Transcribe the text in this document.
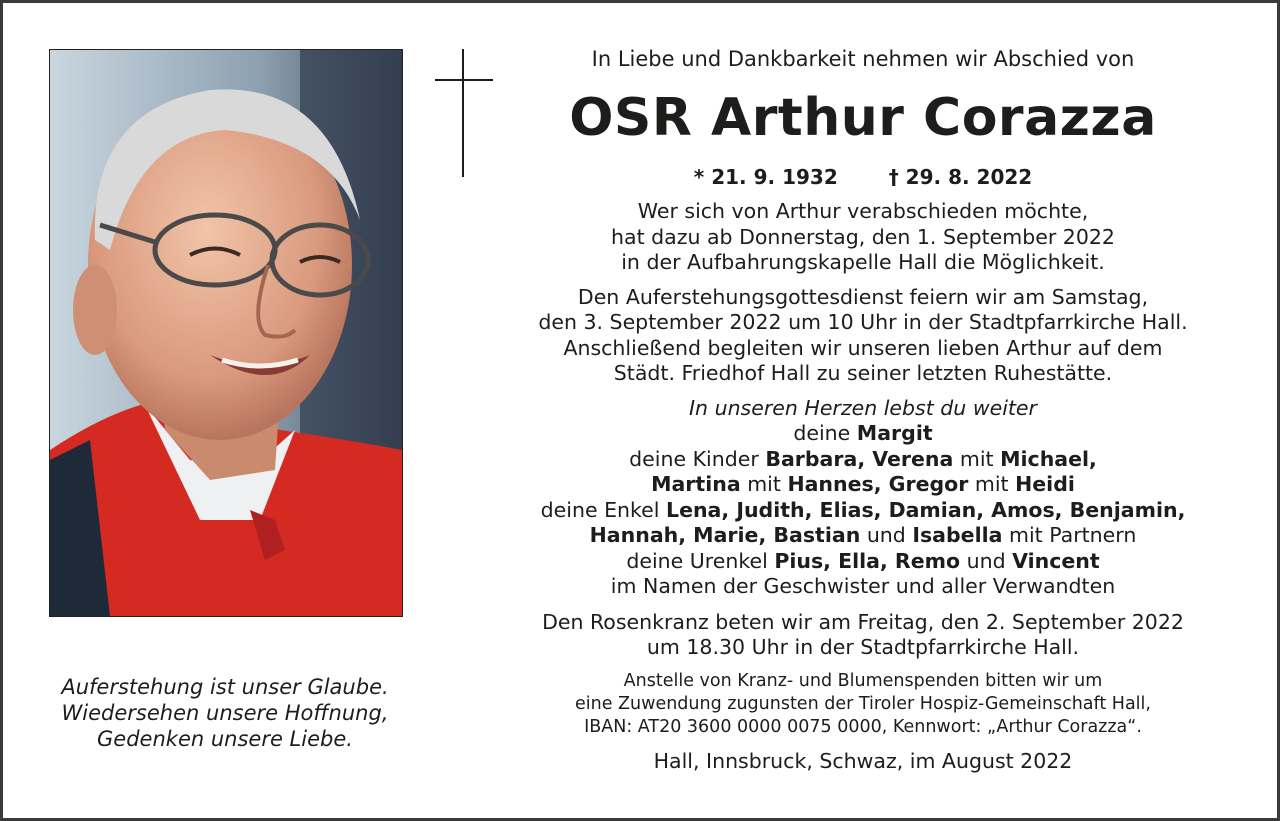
Auferstehung ist unser Glaube.
Wiedersehen unsere Hoffnung,
Gedenken unsere Liebe.
In Liebe und Dankbarkeit nehmen wir Abschied von
OSR Arthur Corazza
* 21. 9. 1932	† 29. 8. 2022
Wer sich von Arthur verabschieden möchte,
hat dazu ab Donnerstag, den 1. September 2022
in der Aufbahrungskapelle Hall die Möglichkeit.
Den Auferstehungsgottesdienst feiern wir am Samstag,
den 3. September 2022 um 10 Uhr in der Stadtpfarrkirche Hall.
Anschließend begleiten wir unseren lieben Arthur auf dem
Städt. Friedhof Hall zu seiner letzten Ruhestätte.
In unseren Herzen lebst du weiter
deine Margit
deine Kinder Barbara, Verena mit Michael,
Martina mit Hannes, Gregor mit Heidi
deine Enkel Lena, Judith, Elias, Damian, Amos, Benjamin,
Hannah, Marie, Bastian und Isabella mit Partnern
deine Urenkel Pius, Ella, Remo und Vincent
im Namen der Geschwister und aller Verwandten
Den Rosenkranz beten wir am Freitag, den 2. September 2022
um 18.30 Uhr in der Stadtpfarrkirche Hall.
Anstelle von Kranz- und Blumenspenden bitten wir um
eine Zuwendung zugunsten der Tiroler Hospiz-Gemeinschaft Hall,
IBAN: AT20 3600 0000 0075 0000, Kennwort: „Arthur Corazza“.
Hall, Innsbruck, Schwaz, im August 2022
